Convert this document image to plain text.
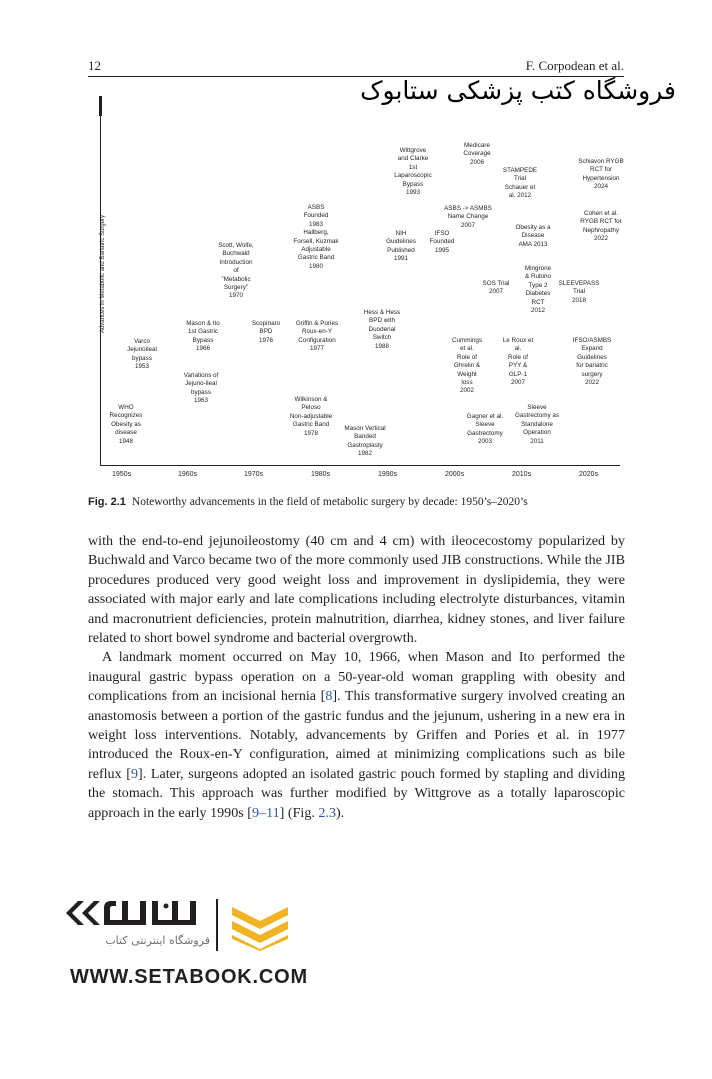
12	F. Corpodean et al.
فروشگاه کتب پزشکی ستابوک
Advances in Metabolic and Bariatric Surgery
1950s	1960s	1970s	1980s	1990s	2000s	2010s	2020s
WHO
Recognizes
Obesity as
disease
1948
Varco
Jejunoileal
bypass
1953
Mason & Ito
1st Gastric
Bypass
1966
Variations of
Jejuno-ileal
bypass
1963
Scott, Wolfe,
Buchwald
Introduction
of
"Metabolic
Surgery"
1970
Scopinaro
BPD
1976
Griffin & Pories
Roux-en-Y
Configuration
1977
ASBS
Founded
1983
Hallberg,
Forsell, Kuzmak
Adjustable
Gastric Band
1980
Wilkinson &
Peloso
Non-adjustable
Gastric Band
1978
Mason Vertical
Banded
Gastroplasty
1982
Wittgrove
and Clarke
1st
Laparoscopic
Bypass
1993
NIH
Guidelines
Published
1991
Hess & Hess
BPD with
Duodenal
Switch
1988
Medicare
Coverage
2006
ASBS -> ASMBS
Name Change
2007
IFSO
Founded
1995
Cummings
et al.
Role of
Ghrelin &
Weight
loss
2002
Gagner et al.
Sleeve
Gastrectomy
2003
STAMPEDE
Trial
Schauer et
al. 2012
Obesity as a
Disease
AMA 2013
SOS Trial
2007
Mingrone
& Rubino
Type 2
Diabetes
RCT
2012
Le Roux et
al.
Role of
PYY &
GLP-1
2007
Sleeve
Gastrectomy as
Standalone
Operation
2011
Schiavon RYGB
RCT for
Hypertension
2024
Cohen et al.
RYGB RCT for
Nephropathy
2022
SLEEVEPASS
Trial
2018
IFSO/ASMBS
Expand
Guidelines
for bariatric
surgery
2022
Fig. 2.1 Noteworthy advancements in the field of metabolic surgery by decade: 1950’s–2020’s

with the end-to-end jejunoileostomy (40 cm and 4 cm) with ileocecostomy popularized by Buchwald and Varco became two of the more commonly used JIB constructions. While the JIB procedures produced very good weight loss and improvement in dyslipidemia, they were associated with major early and late complications including electrolyte disturbances, vitamin and macronutrient deficiencies, protein malnutrition, diarrhea, kidney stones, and liver failure related to short bowel syndrome and bacterial overgrowth.

A landmark moment occurred on May 10, 1966, when Mason and Ito performed the inaugural gastric bypass operation on a 50-year-old woman grappling with obesity and complications from an incisional hernia [8]. This transformative surgery involved creating an anastomosis between a portion of the gastric fundus and the jejunum, ushering in a new era in weight loss interventions. Notably, advancements by Griffen and Pories et al. in 1977 introduced the Roux-en-Y configuration, aimed at minimizing complications such as bile reflux [9]. Later, surgeons adopted an isolated gastric pouch formed by stapling and dividing the stomach. This approach was further modified by Wittgrove as a totally laparoscopic approach in the early 1990s [9–11] (Fig. 2.3).

فروشگاه اینترنتی کتاب
WWW.SETABOOK.COM
